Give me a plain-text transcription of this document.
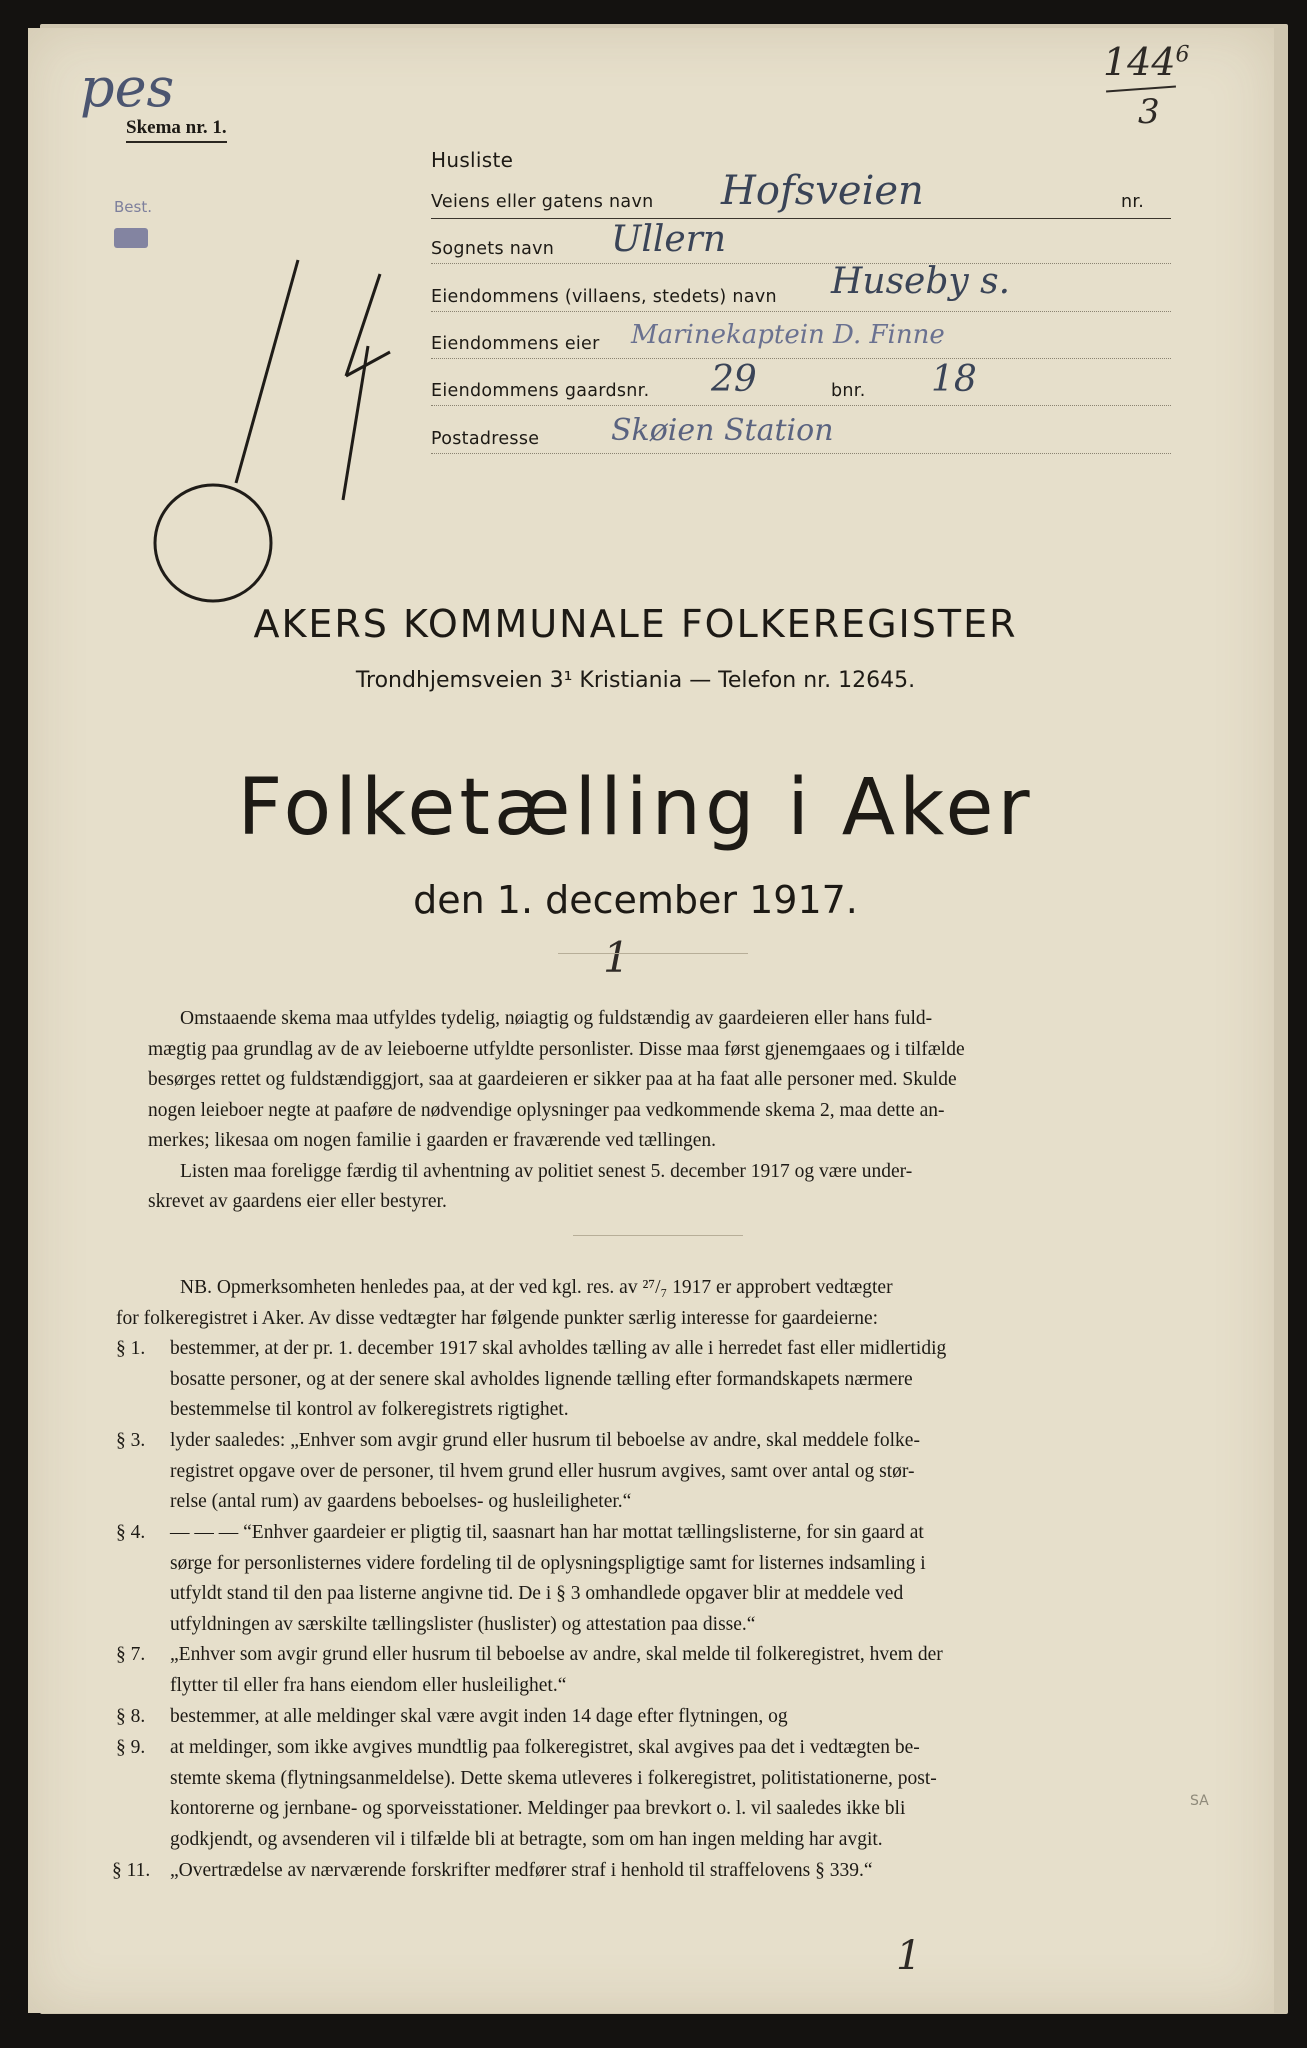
pes	$144^6$
3
Skema nr. 1.
Best.
Husliste
Veiens eller gatens navn Hofsveien	nr.
Sognets navn Ullern
Eiendommens (villaens, stedets) navn Huseby s.
Eiendommens eier Marinekaptein D. Finne
Eiendommens gaardsnr. 29	bnr. 18
Postadresse Skøien Station
AKERS KOMMUNALE FOLKEREGISTER
Trondhjemsveien 3¹ Kristiania — Telefon nr. 12645.
Folketælling i Aker
den 1. december 1917.
1
Omstaaende skema maa utfyldes tydelig, nøiagtig og fuldstændig av gaardeieren eller hans fuld-
mægtig paa grundlag av de av leieboerne utfyldte personlister. Disse maa først gjenemgaaes og i tilfælde
besørges rettet og fuldstændiggjort, saa at gaardeieren er sikker paa at ha faat alle personer med. Skulde
nogen leieboer negte at paaføre de nødvendige oplysninger paa vedkommende skema 2, maa dette an-
merkes; likesaa om nogen familie i gaarden er fraværende ved tællingen.
Listen maa foreligge færdig til avhentning av politiet senest 5. december 1917 og være under-
skrevet av gaardens eier eller bestyrer.
NB. Opmerksomheten henledes paa, at der ved kgl. res. av ²⁷/₇ 1917 er approbert vedtægter
for folkeregistret i Aker. Av disse vedtægter har følgende punkter særlig interesse for gaardeierne:
§ 1. bestemmer, at der pr. 1. december 1917 skal avholdes tælling av alle i herredet fast eller midlertidig
bosatte personer, og at der senere skal avholdes lignende tælling efter formandskapets nærmere
bestemmelse til kontrol av folkeregistrets rigtighet.
§ 3. lyder saaledes: „Enhver som avgir grund eller husrum til beboelse av andre, skal meddele folke-
registret opgave over de personer, til hvem grund eller husrum avgives, samt over antal og stør-
relse (antal rum) av gaardens beboelses- og husleiligheter.“
§ 4. — — — “Enhver gaardeier er pligtig til, saasnart han har mottat tællingslisterne, for sin gaard at
sørge for personlisternes videre fordeling til de oplysningspligtige samt for listernes indsamling i
utfyldt stand til den paa listerne angivne tid. De i § 3 omhandlede opgaver blir at meddele ved
utfyldningen av særskilte tællingslister (huslister) og attestation paa disse.“
§ 7. „Enhver som avgir grund eller husrum til beboelse av andre, skal melde til folkeregistret, hvem der
flytter til eller fra hans eiendom eller husleilighet.“
§ 8. bestemmer, at alle meldinger skal være avgit inden 14 dage efter flytningen, og
§ 9. at meldinger, som ikke avgives mundtlig paa folkeregistret, skal avgives paa det i vedtægten be-
stemte skema (flytningsanmeldelse). Dette skema utleveres i folkeregistret, politistationerne, post-
kontorerne og jernbane- og sporveisstationer. Meldinger paa brevkort o. l. vil saaledes ikke bli
godkjendt, og avsenderen vil i tilfælde bli at betragte, som om han ingen melding har avgit.
§ 11. „Overtrædelse av nærværende forskrifter medfører straf i henhold til straffelovens § 339.“
1
SA
